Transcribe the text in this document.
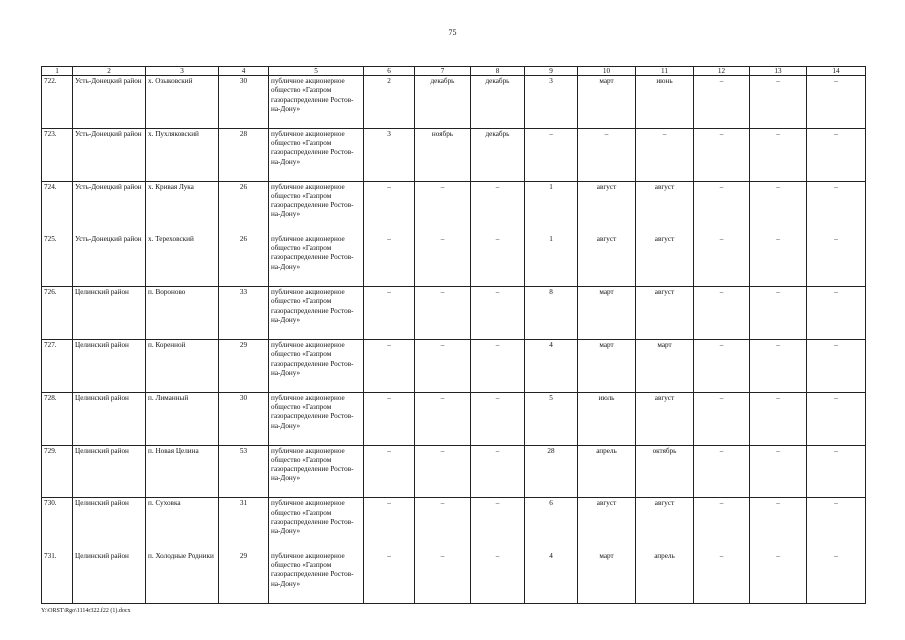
75
1	2	3	4	5	6	7	8	9	10	11	12	13	14
722.	Усть-Донецкий район	х. Озыковский	30	публичное акционерное общество «Газпром газораспределение Ростов-на-Дону»	2	декабрь	декабрь	3	март	июнь	–	–	–
723.	Усть-Донецкий район	х. Пухляковский	28	публичное акционерное общество «Газпром газораспределение Ростов-на-Дону»	3	ноябрь	декабрь	–	–	–	–	–	–
724.	Усть-Донецкий район	х. Кривая Лука	26	публичное акционерное общество «Газпром газораспределение Ростов-на-Дону»	–	–	–	1	август	август	–	–	–
725.	Усть-Донецкий район	х. Тереховский	26	публичное акционерное общество «Газпром газораспределение Ростов-на-Дону»	–	–	–	1	август	август	–	–	–
726.	Целинский район	п. Вороново	33	публичное акционерное общество «Газпром газораспределение Ростов-на-Дону»	–	–	–	8	март	август	–	–	–
727.	Целинский район	п. Коренной	29	публичное акционерное общество «Газпром газораспределение Ростов-на-Дону»	–	–	–	4	март	март	–	–	–
728.	Целинский район	п. Лиманный	30	публичное акционерное общество «Газпром газораспределение Ростов-на-Дону»	–	–	–	5	июль	август	–	–	–
729.	Целинский район	п. Новая Целина	53	публичное акционерное общество «Газпром газораспределение Ростов-на-Дону»	–	–	–	28	апрель	октябрь	–	–	–
730.	Целинский район	п. Суховка	31	публичное акционерное общество «Газпром газораспределение Ростов-на-Дону»	–	–	–	6	август	август	–	–	–
731.	Целинский район	п. Холодные Родники	29	публичное акционерное общество «Газпром газораспределение Ростов-на-Дону»	–	–	–	4	март	апрель	–	–	–
Y:\ORST\Rgo\1114r322.f22 (1).docx
